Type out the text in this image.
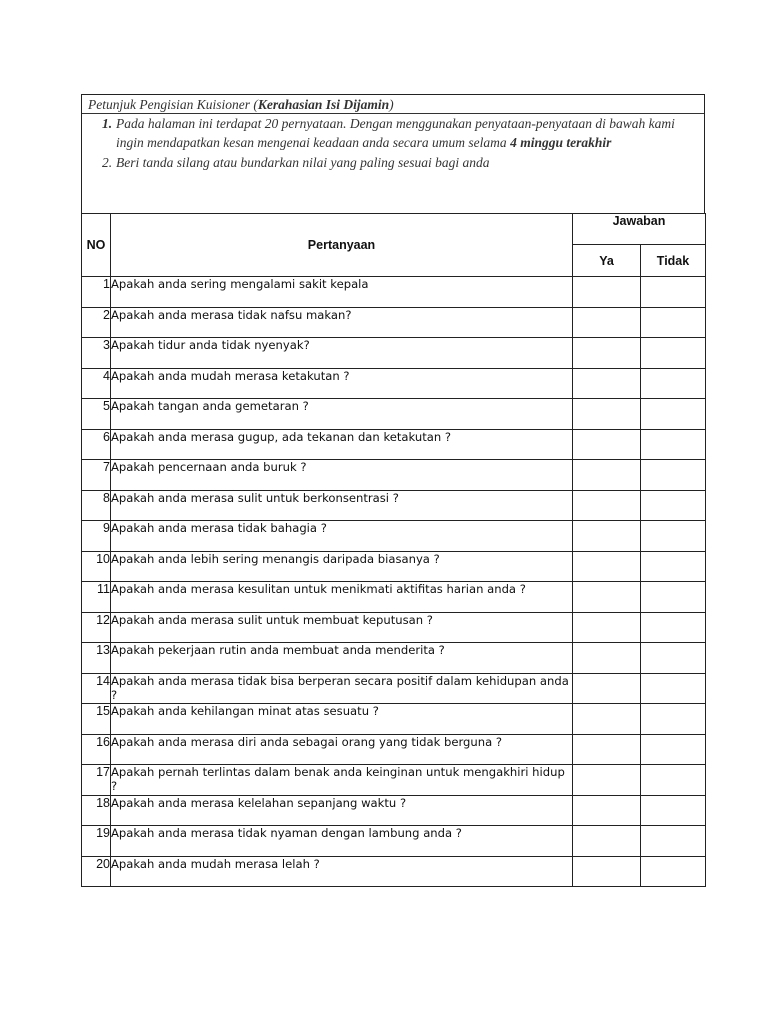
Petunjuk Pengisian Kuisioner (Kerahasian Isi Dijamin)
1. Pada halaman ini terdapat 20 pernyataan. Dengan menggunakan penyataan-penyataan di bawah kami ingin mendapatkan kesan mengenai keadaan anda secara umum selama 4 minggu terakhir
2. Beri tanda silang atau bundarkan nilai yang paling sesuai bagi anda
NO	Pertanyaan	Jawaban	
		Ya	Tidak
1	Apakah anda sering mengalami sakit kepala		
2	Apakah anda merasa tidak nafsu makan?		
3	Apakah tidur anda tidak nyenyak?		
4	Apakah anda mudah merasa ketakutan ?		
5	Apakah tangan anda gemetaran ?		
6	Apakah anda merasa gugup, ada tekanan dan ketakutan ?		
7	Apakah pencernaan anda buruk ?		
8	Apakah anda merasa sulit untuk berkonsentrasi ?		
9	Apakah anda merasa tidak bahagia ?		
10	Apakah anda lebih sering menangis daripada biasanya ?		
11	Apakah anda merasa kesulitan untuk menikmati aktifitas harian anda ?		
12	Apakah anda merasa sulit untuk membuat keputusan ?		
13	Apakah pekerjaan rutin anda membuat anda menderita ?		
14	Apakah anda merasa tidak bisa berperan secara positif dalam kehidupan anda ?		
15	Apakah anda kehilangan minat atas sesuatu ?		
16	Apakah anda merasa diri anda sebagai orang yang tidak berguna ?		
17	Apakah pernah terlintas dalam benak anda keinginan untuk mengakhiri hidup ?		
18	Apakah anda merasa kelelahan sepanjang waktu ?		
19	Apakah anda merasa tidak nyaman dengan lambung anda ?		
20	Apakah anda mudah merasa lelah ?		
